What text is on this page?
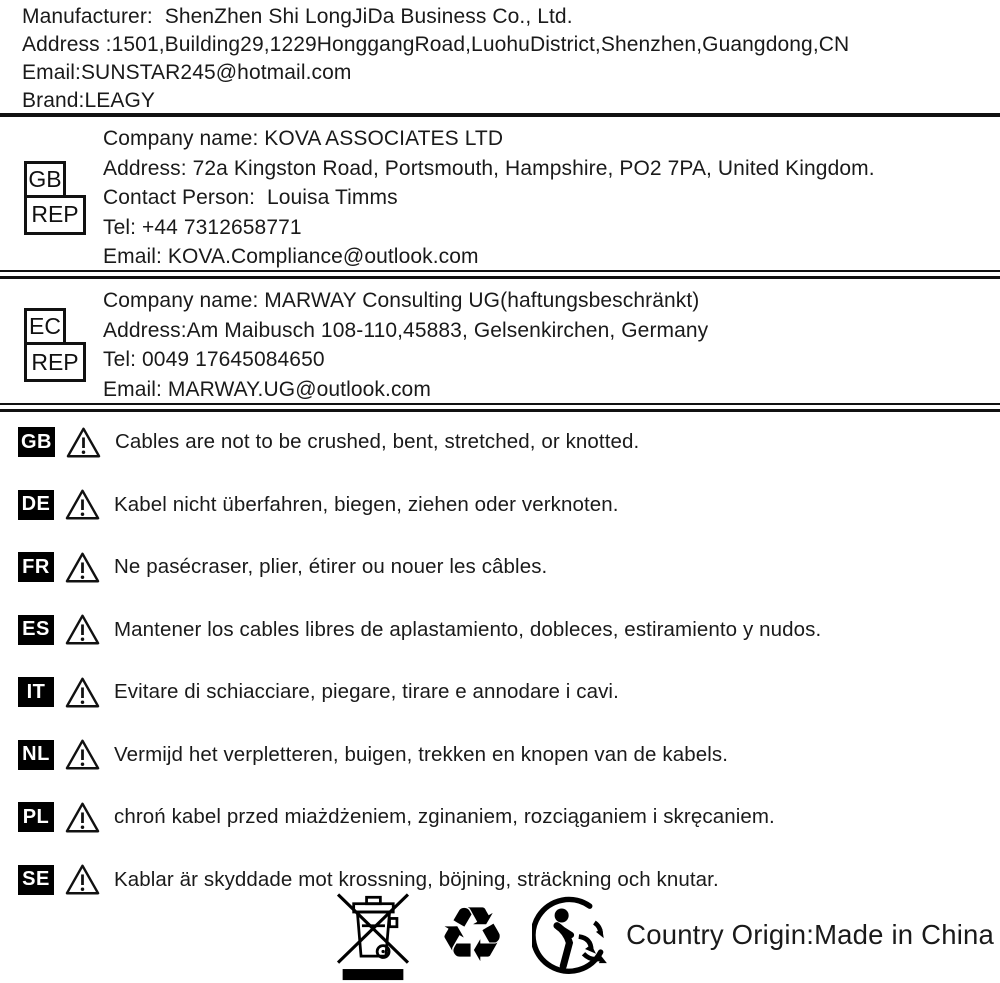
Manufacturer:  ShenZhen Shi LongJiDa Business Co., Ltd.
Address :1501,Building29,1229HonggangRoad,LuohuDistrict,Shenzhen,Guangdong,CN
Email:SUNSTAR245@hotmail.com
Brand:LEAGY
GB
REP
Company name: KOVA ASSOCIATES LTD
Address: 72a Kingston Road, Portsmouth, Hampshire, PO2 7PA, United Kingdom.
Contact Person:  Louisa Timms
Tel: +44 7312658771
Email: KOVA.Compliance@outlook.com
EC
REP
Company name: MARWAY Consulting UG(haftungsbeschränkt)
Address:Am Maibusch 108-110,45883, Gelsenkirchen, Germany
Tel: 0049 17645084650
Email: MARWAY.UG@outlook.com
GB	Cables are not to be crushed, bent, stretched, or knotted.
DE	Kabel nicht überfahren, biegen, ziehen oder verknoten.
FR	Ne pasécraser, plier, étirer ou nouer les câbles.
ES	Mantener los cables libres de aplastamiento, dobleces, estiramiento y nudos.
IT	Evitare di schiacciare, piegare, tirare e annodare i cavi.
NL	Vermijd het verpletteren, buigen, trekken en knopen van de kabels.
PL	chroń kabel przed miażdżeniem, zginaniem, rozciąganiem i skręcaniem.
SE	Kablar är skyddade mot krossning, böjning, sträckning och knutar.
♻	Country Origin:Made in China
